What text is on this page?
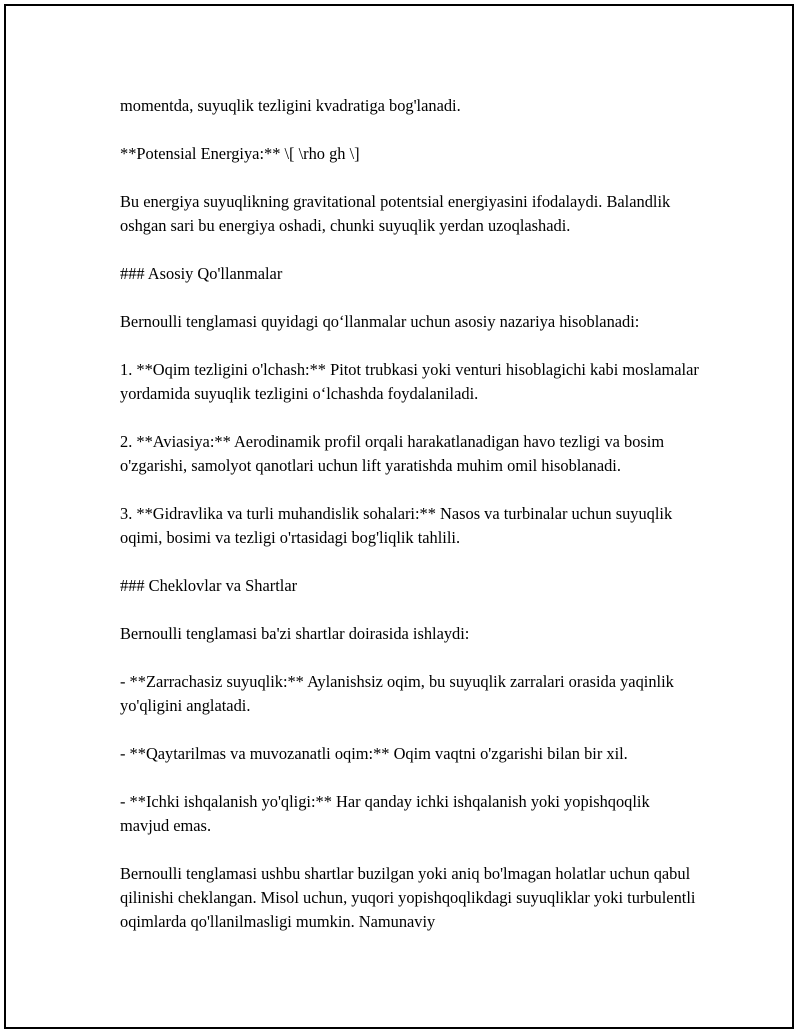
momentda, suyuqlik tezligini kvadratiga bog'lanadi.

**Potensial Energiya:** \[ \rho gh \]

Bu energiya suyuqlikning gravitational potentsial energiyasini ifodalaydi. Balandlik oshgan sari bu energiya oshadi, chunki suyuqlik yerdan uzoqlashadi.

### Asosiy Qo'llanmalar

Bernoulli tenglamasi quyidagi qo‘llanmalar uchun asosiy nazariya hisoblanadi:

1. **Oqim tezligini o'lchash:** Pitot trubkasi yoki venturi hisoblagichi kabi moslamalar yordamida suyuqlik tezligini o‘lchashda foydalaniladi.

2. **Aviasiya:** Aerodinamik profil orqali harakatlanadigan havo tezligi va bosim o'zgarishi, samolyot qanotlari uchun lift yaratishda muhim omil hisoblanadi.

3. **Gidravlika va turli muhandislik sohalari:** Nasos va turbinalar uchun suyuqlik oqimi, bosimi va tezligi o'rtasidagi bog'liqlik tahlili.

### Cheklovlar va Shartlar

Bernoulli tenglamasi ba'zi shartlar doirasida ishlaydi:

- **Zarrachasiz suyuqlik:** Aylanishsiz oqim, bu suyuqlik zarralari orasida yaqinlik yo'qligini anglatadi.

- **Qaytarilmas va muvozanatli oqim:** Oqim vaqtni o'zgarishi bilan bir xil.

- **Ichki ishqalanish yo'qligi:** Har qanday ichki ishqalanish yoki yopishqoqlik mavjud emas.

Bernoulli tenglamasi ushbu shartlar buzilgan yoki aniq bo'lmagan holatlar uchun qabul qilinishi cheklangan. Misol uchun, yuqori yopishqoqlikdagi suyuqliklar yoki turbulentli oqimlarda qo'llanilmasligi mumkin. Namunaviy
